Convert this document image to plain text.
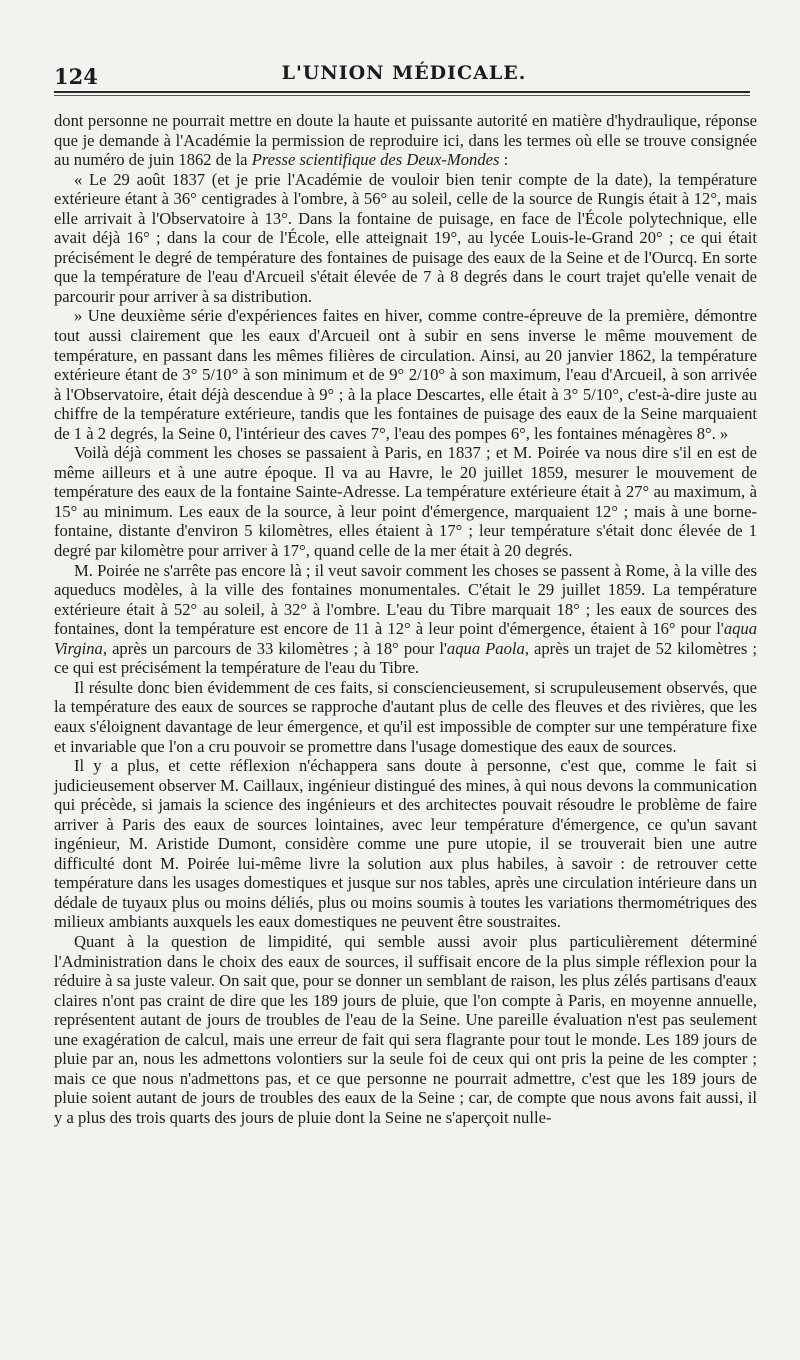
124	L'UNION MÉDICALE.

dont personne ne pourrait mettre en doute la haute et puissante autorité en matière d'hydraulique, réponse que je demande à l'Académie la permission de reproduire ici, dans les termes où elle se trouve consignée au numéro de juin 1862 de la Presse scientifique des Deux-Mondes :

« Le 29 août 1837 (et je prie l'Académie de vouloir bien tenir compte de la date), la température extérieure étant à 36° centigrades à l'ombre, à 56° au soleil, celle de la source de Rungis était à 12°, mais elle arrivait à l'Observatoire à 13°. Dans la fontaine de puisage, en face de l'École polytechnique, elle avait déjà 16° ; dans la cour de l'École, elle atteignait 19°, au lycée Louis-le-Grand 20° ; ce qui était précisément le degré de température des fontaines de puisage des eaux de la Seine et de l'Ourcq. En sorte que la température de l'eau d'Arcueil s'était élevée de 7 à 8 degrés dans le court trajet qu'elle venait de parcourir pour arriver à sa distribution.

» Une deuxième série d'expériences faites en hiver, comme contre-épreuve de la première, démontre tout aussi clairement que les eaux d'Arcueil ont à subir en sens inverse le même mouvement de température, en passant dans les mêmes filières de circulation. Ainsi, au 20 janvier 1862, la température extérieure étant de 3° 5/10° à son minimum et de 9° 2/10° à son maximum, l'eau d'Arcueil, à son arrivée à l'Observatoire, était déjà descendue à 9° ; à la place Descartes, elle était à 3° 5/10°, c'est-à-dire juste au chiffre de la température extérieure, tandis que les fontaines de puisage des eaux de la Seine marquaient de 1 à 2 degrés, la Seine 0, l'intérieur des caves 7°, l'eau des pompes 6°, les fontaines ménagères 8°. »

Voilà déjà comment les choses se passaient à Paris, en 1837 ; et M. Poirée va nous dire s'il en est de même ailleurs et à une autre époque. Il va au Havre, le 20 juillet 1859, mesurer le mouvement de température des eaux de la fontaine Sainte-Adresse. La température extérieure était à 27° au maximum, à 15° au minimum. Les eaux de la source, à leur point d'émergence, marquaient 12° ; mais à une borne-fontaine, distante d'environ 5 kilomètres, elles étaient à 17° ; leur température s'était donc élevée de 1 degré par kilomètre pour arriver à 17°, quand celle de la mer était à 20 degrés.

M. Poirée ne s'arrête pas encore là ; il veut savoir comment les choses se passent à Rome, à la ville des aqueducs modèles, à la ville des fontaines monumentales. C'était le 29 juillet 1859. La température extérieure était à 52° au soleil, à 32° à l'ombre. L'eau du Tibre marquait 18° ; les eaux de sources des fontaines, dont la température est encore de 11 à 12° à leur point d'émergence, étaient à 16° pour l'aqua Virgina, après un parcours de 33 kilomètres ; à 18° pour l'aqua Paola, après un trajet de 52 kilomètres ; ce qui est précisément la température de l'eau du Tibre.

Il résulte donc bien évidemment de ces faits, si consciencieusement, si scrupuleusement observés, que la température des eaux de sources se rapproche d'autant plus de celle des fleuves et des rivières, que les eaux s'éloignent davantage de leur émergence, et qu'il est impossible de compter sur une température fixe et invariable que l'on a cru pouvoir se promettre dans l'usage domestique des eaux de sources.

Il y a plus, et cette réflexion n'échappera sans doute à personne, c'est que, comme le fait si judicieusement observer M. Caillaux, ingénieur distingué des mines, à qui nous devons la communication qui précède, si jamais la science des ingénieurs et des architectes pouvait résoudre le problème de faire arriver à Paris des eaux de sources lointaines, avec leur température d'émergence, ce qu'un savant ingénieur, M. Aristide Dumont, considère comme une pure utopie, il se trouverait bien une autre difficulté dont M. Poirée lui-même livre la solution aux plus habiles, à savoir : de retrouver cette température dans les usages domestiques et jusque sur nos tables, après une circulation intérieure dans un dédale de tuyaux plus ou moins déliés, plus ou moins soumis à toutes les variations thermométriques des milieux ambiants auxquels les eaux domestiques ne peuvent être soustraites.

Quant à la question de limpidité, qui semble aussi avoir plus particulièrement déterminé l'Administration dans le choix des eaux de sources, il suffisait encore de la plus simple réflexion pour la réduire à sa juste valeur. On sait que, pour se donner un semblant de raison, les plus zélés partisans d'eaux claires n'ont pas craint de dire que les 189 jours de pluie, que l'on compte à Paris, en moyenne annuelle, représentent autant de jours de troubles de l'eau de la Seine. Une pareille évaluation n'est pas seulement une exagération de calcul, mais une erreur de fait qui sera flagrante pour tout le monde. Les 189 jours de pluie par an, nous les admettons volontiers sur la seule foi de ceux qui ont pris la peine de les compter ; mais ce que nous n'admettons pas, et ce que personne ne pourrait admettre, c'est que les 189 jours de pluie soient autant de jours de troubles des eaux de la Seine ; car, de compte que nous avons fait aussi, il y a plus des trois quarts des jours de pluie dont la Seine ne s'aperçoit nulle-
